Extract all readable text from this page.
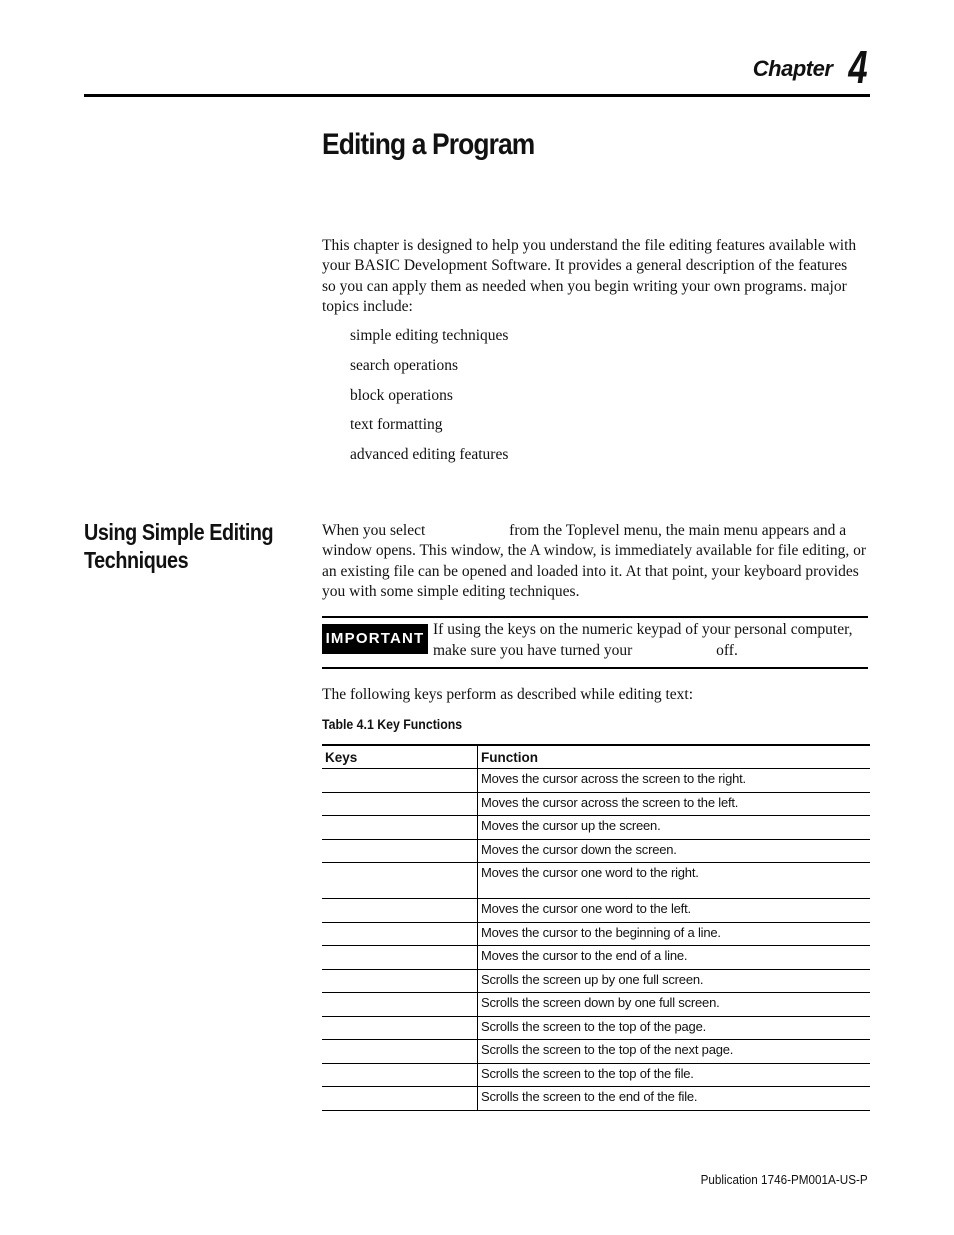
Chapter 4
Editing a Program

This chapter is designed to help you understand the file editing features available with your BASIC Development Software. It provides a general description of the features so you can apply them as needed when you begin writing your own programs. major topics include:

simple editing techniques
search operations
block operations
text formatting
advanced editing features
Using Simple Editing
Techniques

When you select	from the Toplevel menu, the main menu appears and a window opens. This window, the A window, is immediately available for file editing, or an existing file can be opened and loaded into it. At that point, your keyboard provides you with some simple editing techniques.

IMPORTANT

If using the keys on the numeric keypad of your personal computer, make sure you have turned your	off.

The following keys perform as described while editing text:

Table 4.1 Key Functions

Keys	Function
	Moves the cursor across the screen to the right.
	Moves the cursor across the screen to the left.
	Moves the cursor up the screen.
	Moves the cursor down the screen.
	Moves the cursor one word to the right.
	Moves the cursor one word to the left.
	Moves the cursor to the beginning of a line.
	Moves the cursor to the end of a line.
	Scrolls the screen up by one full screen.
	Scrolls the screen down by one full screen.
	Scrolls the screen to the top of the page.
	Scrolls the screen to the top of the next page.
	Scrolls the screen to the top of the file.
	Scrolls the screen to the end of the file.

Publication 1746-PM001A-US-P
